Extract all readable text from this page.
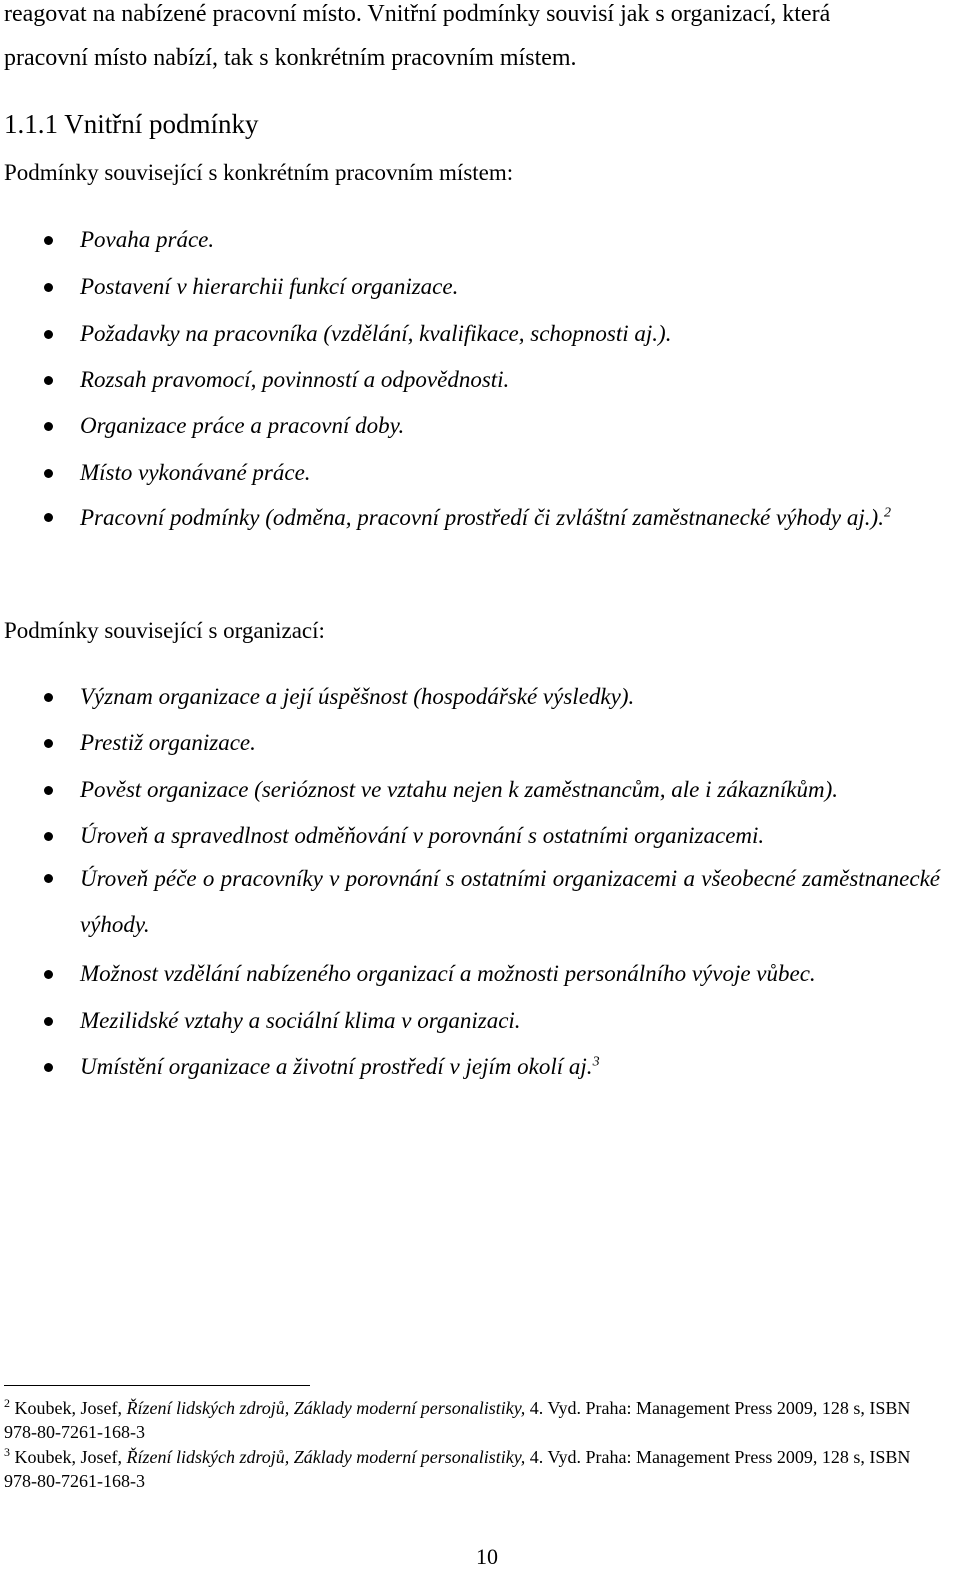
reagovat na nabízené pracovní místo. Vnitřní podmínky souvisí jak s organizací, která
pracovní místo nabízí, tak s konkrétním pracovním místem.
1.1.1 Vnitřní podmínky
Podmínky související s konkrétním pracovním místem:
Povaha práce.
Postavení v hierarchii funkcí organizace.
Požadavky na pracovníka (vzdělání, kvalifikace, schopnosti aj.).
Rozsah pravomocí, povinností a odpovědnosti.
Organizace práce a pracovní doby.
Místo vykonávané práce.
Pracovní podmínky (odměna, pracovní prostředí či zvláštní zaměstnanecké výhody aj.).$^2$
Podmínky související s organizací:
Význam organizace a její úspěšnost (hospodářské výsledky).
Prestiž organizace.
Pověst organizace (serióznost ve vztahu nejen k zaměstnancům, ale i zákazníkům).
Úroveň a spravedlnost odměňování v porovnání s ostatními organizacemi.
Úroveň péče o pracovníky v porovnání s ostatními organizacemi a všeobecné zaměstnanecké výhody.
Možnost vzdělání nabízeného organizací a možnosti personálního vývoje vůbec.
Mezilidské vztahy a sociální klima v organizaci.
Umístění organizace a životní prostředí v jejím okolí aj.$^3$
$^2$ Koubek, Josef, Řízení lidských zdrojů, Základy moderní personalistiky, 4. Vyd. Praha: Management Press 2009, 128 s, ISBN 978-80-7261-168-3
$^3$ Koubek, Josef, Řízení lidských zdrojů, Základy moderní personalistiky, 4. Vyd. Praha: Management Press 2009, 128 s, ISBN 978-80-7261-168-3
10
